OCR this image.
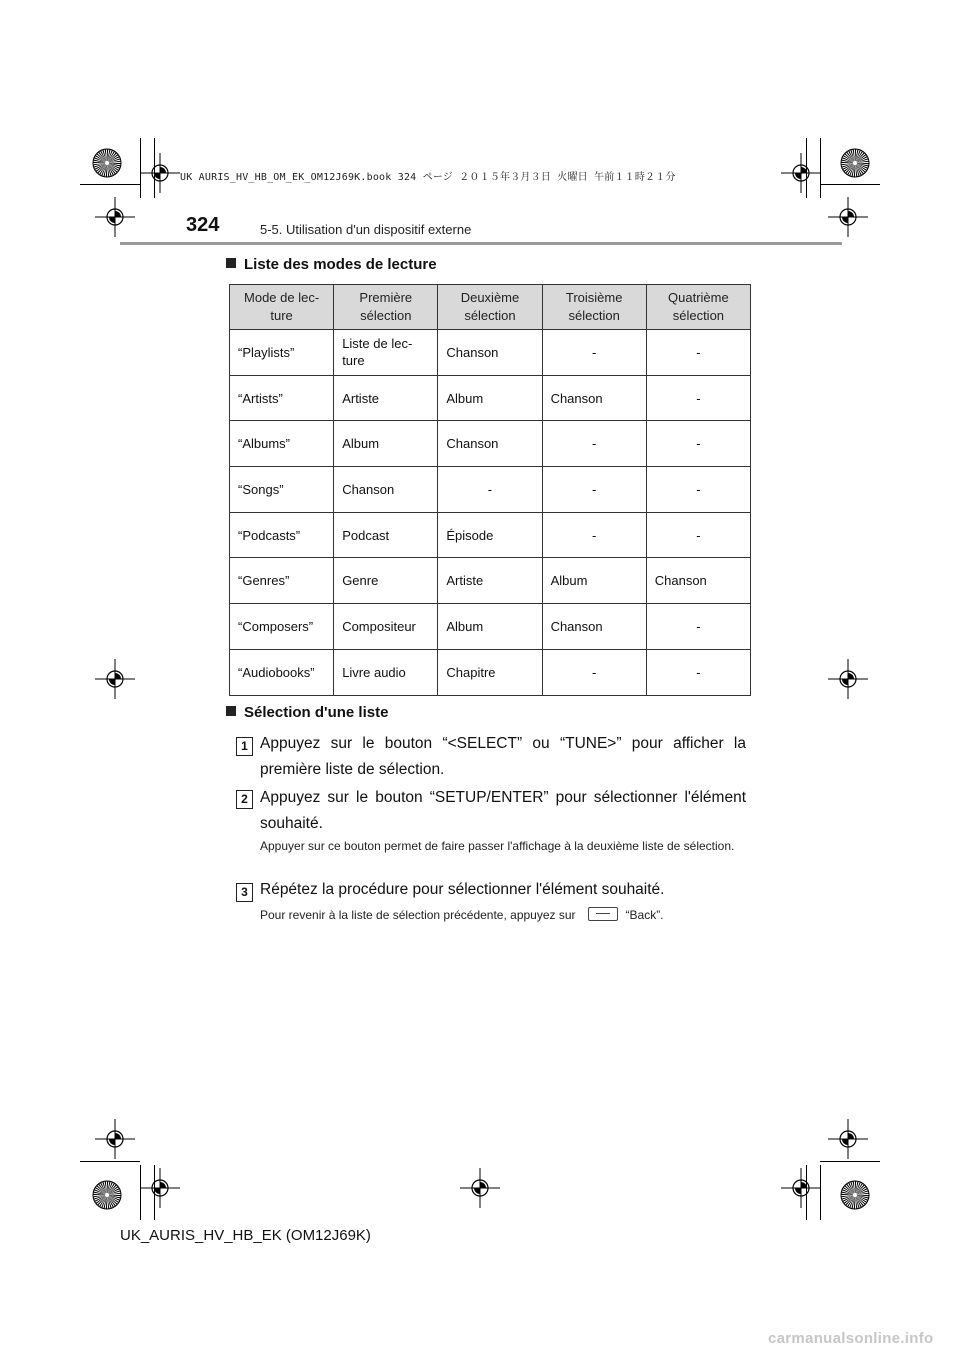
UK AURIS_HV_HB_OM_EK_OM12J69K.book 324 ページ ２０１５年３月３日 火曜日 午前１１時２１分
324	5-5. Utilisation d'un dispositif externe
Liste des modes de lecture
Mode de lec-
ture	Première
sélection	Deuxième
sélection	Troisième
sélection	Quatrième
sélection
“Playlists”	Liste de lec-
ture	Chanson	-	-
“Artists”	Artiste	Album	Chanson	-
“Albums”	Album	Chanson	-	-
“Songs”	Chanson	-	-	-
“Podcasts”	Podcast	Épisode	-	-
“Genres”	Genre	Artiste	Album	Chanson
“Composers”	Compositeur	Album	Chanson	-
“Audiobooks”	Livre audio	Chapitre	-	-
Sélection d'une liste
1 Appuyez sur le bouton “<SELECT” ou “TUNE>” pour afficher la première liste de sélection.
2 Appuyez sur le bouton “SETUP/ENTER” pour sélectionner l'élément souhaité.
Appuyer sur ce bouton permet de faire passer l'affichage à la deuxième liste de sélection.
3 Répétez la procédure pour sélectionner l'élément souhaité.
Pour revenir à la liste de sélection précédente, appuyez sur	“Back”.
UK_AURIS_HV_HB_EK (OM12J69K)
carmanualsonline.info
